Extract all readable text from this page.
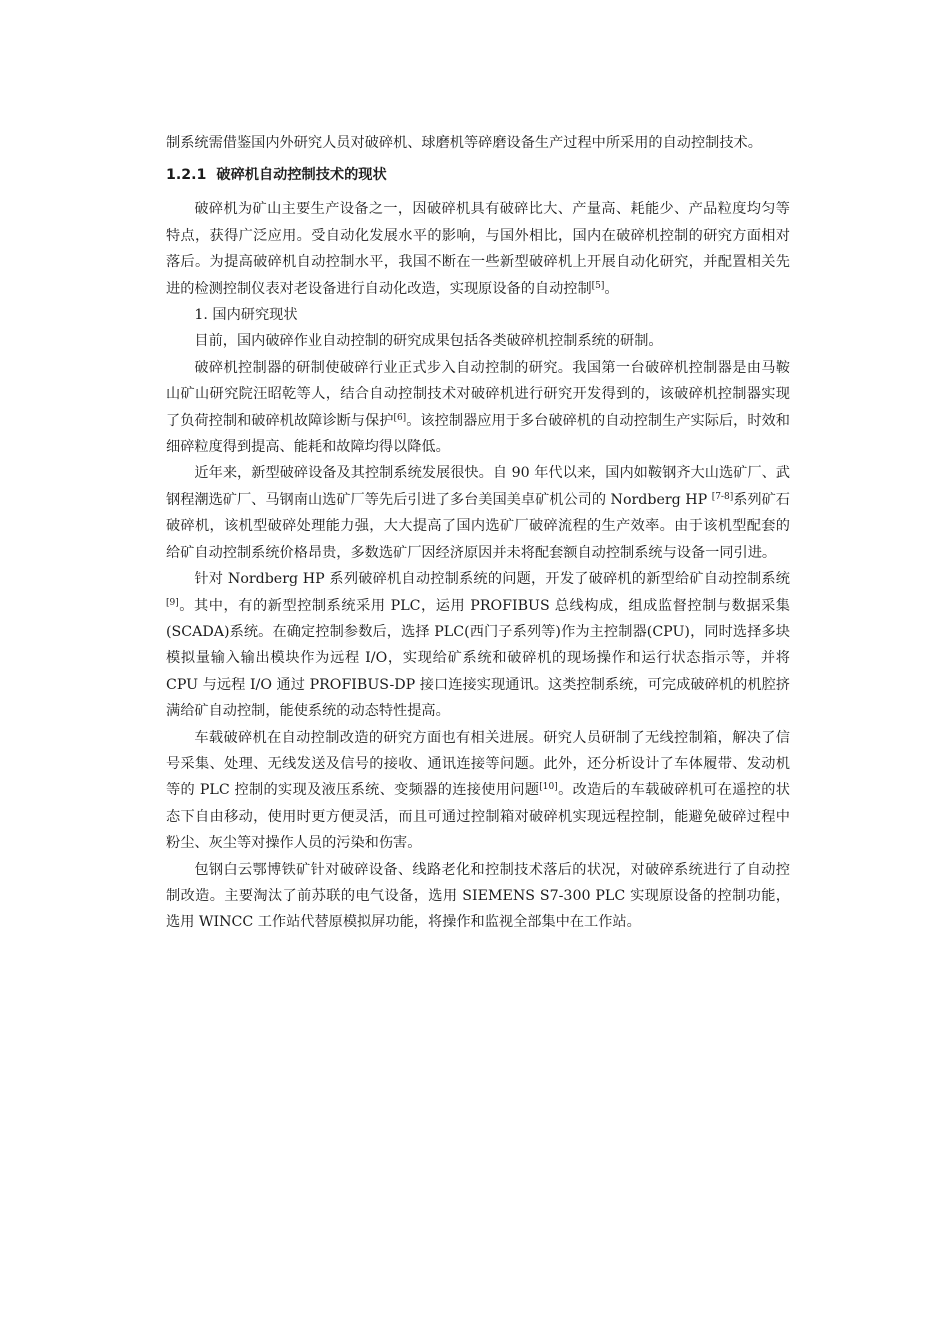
制系统需借鉴国内外研究人员对破碎机、球磨机等碎磨设备生产过程中所采用的自动控制技术。

1.2.1 破碎机自动控制技术的现状

破碎机为矿山主要生产设备之一，因破碎机具有破碎比大、产量高、耗能少、产品粒度均匀等特点，获得广泛应用。受自动化发展水平的影响，与国外相比，国内在破碎机控制的研究方面相对落后。为提高破碎机自动控制水平，我国不断在一些新型破碎机上开展自动化研究，并配置相关先进的检测控制仪表对老设备进行自动化改造，实现原设备的自动控制[5]。

1. 国内研究现状

目前，国内破碎作业自动控制的研究成果包括各类破碎机控制系统的研制。

破碎机控制器的研制使破碎行业正式步入自动控制的研究。我国第一台破碎机控制器是由马鞍山矿山研究院汪昭乾等人，结合自动控制技术对破碎机进行研究开发得到的，该破碎机控制器实现了负荷控制和破碎机故障诊断与保护[6]。该控制器应用于多台破碎机的自动控制生产实际后，时效和细碎粒度得到提高、能耗和故障均得以降低。

近年来，新型破碎设备及其控制系统发展很快。自 90 年代以来，国内如鞍钢齐大山选矿厂、武钢程潮选矿厂、马钢南山选矿厂等先后引进了多台美国美卓矿机公司的 Nordberg HP [7-8]系列矿石破碎机，该机型破碎处理能力强，大大提高了国内选矿厂破碎流程的生产效率。由于该机型配套的给矿自动控制系统价格昂贵，多数选矿厂因经济原因并未将配套额自动控制系统与设备一同引进。

针对 Nordberg HP 系列破碎机自动控制系统的问题，开发了破碎机的新型给矿自动控制系统[9]。其中，有的新型控制系统采用 PLC，运用 PROFIBUS 总线构成，组成监督控制与数据采集(SCADA)系统。在确定控制参数后，选择 PLC(西门子系列等)作为主控制器(CPU)，同时选择多块模拟量输入输出模块作为远程 I/O，实现给矿系统和破碎机的现场操作和运行状态指示等，并将 CPU 与远程 I/O 通过 PROFIBUS-DP 接口连接实现通讯。这类控制系统，可完成破碎机的机腔挤满给矿自动控制，能使系统的动态特性提高。

车载破碎机在自动控制改造的研究方面也有相关进展。研究人员研制了无线控制箱，解决了信号采集、处理、无线发送及信号的接收、通讯连接等问题。此外，还分析设计了车体履带、发动机等的 PLC 控制的实现及液压系统、变频器的连接使用问题[10]。改造后的车载破碎机可在遥控的状态下自由移动，使用时更方便灵活，而且可通过控制箱对破碎机实现远程控制，能避免破碎过程中粉尘、灰尘等对操作人员的污染和伤害。

包钢白云鄂博铁矿针对破碎设备、线路老化和控制技术落后的状况，对破碎系统进行了自动控制改造。主要淘汰了前苏联的电气设备，选用 SIEMENS S7-300 PLC 实现原设备的控制功能，选用 WINCC 工作站代替原模拟屏功能，将操作和监视全部集中在工作站。
